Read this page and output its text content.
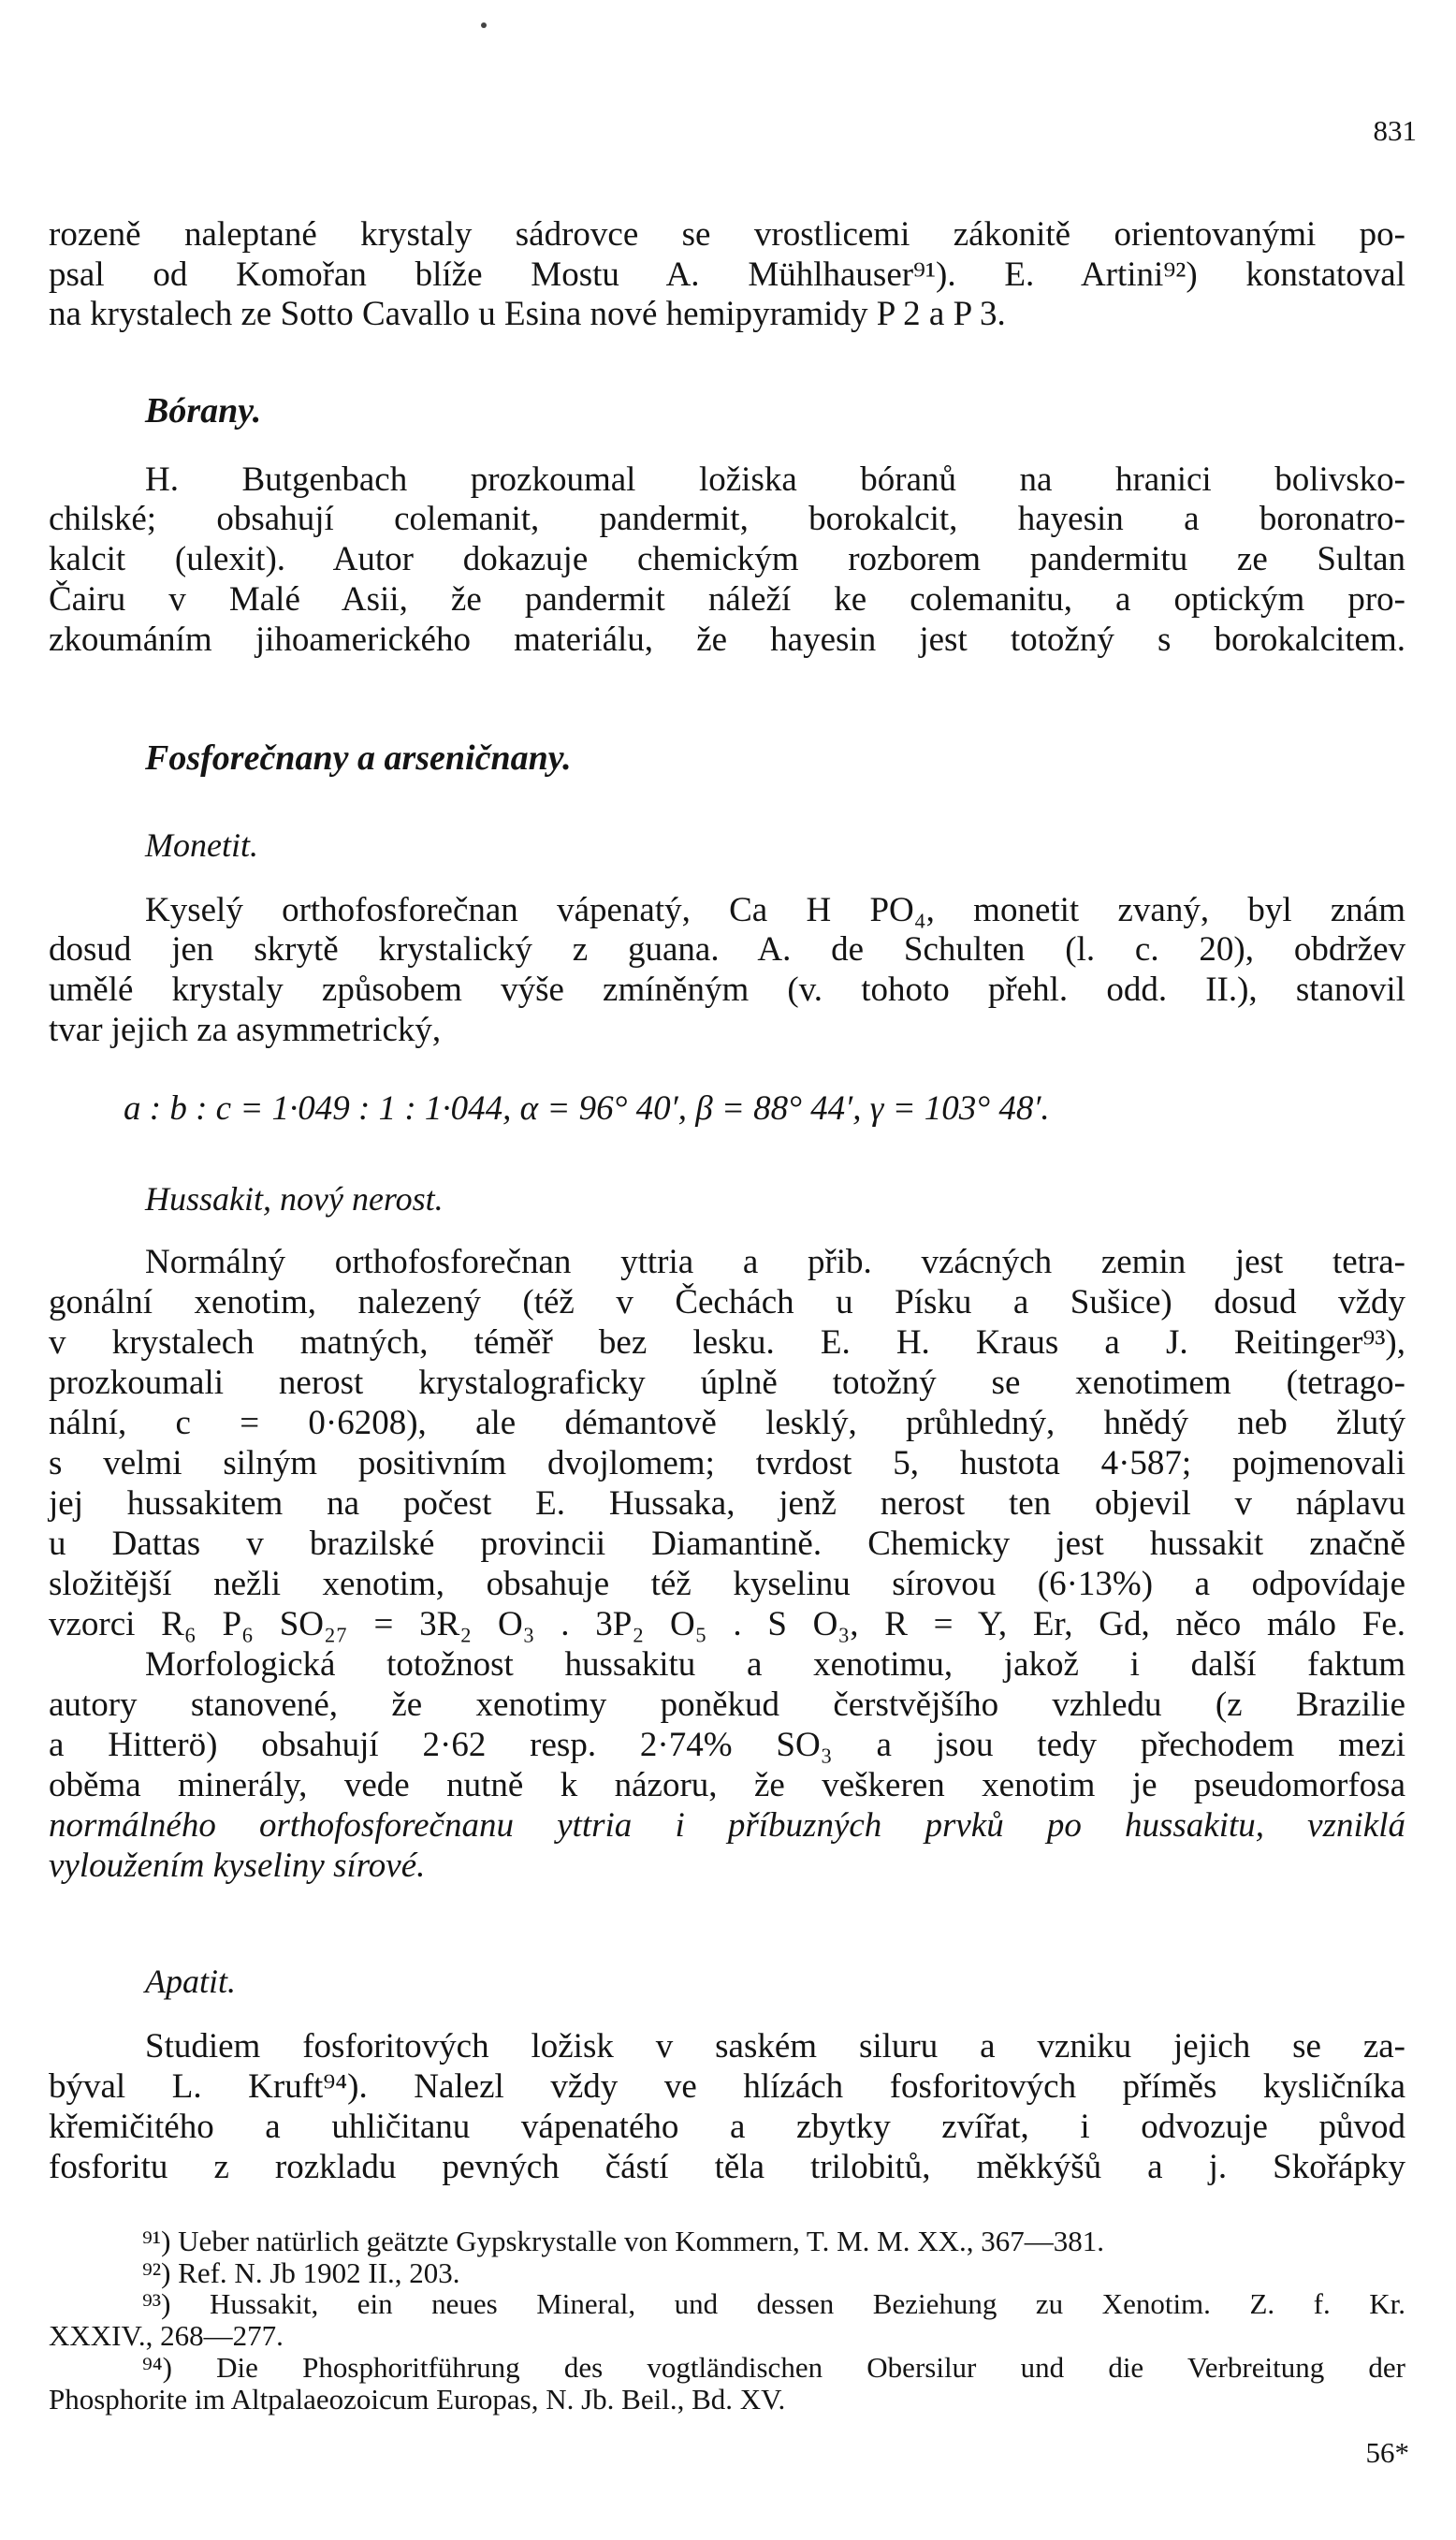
831
rozeně naleptané krystaly sádrovce se vrostlicemi zákonitě orientovanými po-
psal od Komořan blíže Mostu A. Mühlhauser⁹¹). E. Artini⁹²) konstatoval
na krystalech ze Sotto Cavallo u Esina nové hemipyramidy P 2 a P 3.
Bórany.
H. Butgenbach prozkoumal ložiska bóranů na hranici bolivsko-
chilské; obsahují colemanit, pandermit, borokalcit, hayesin a boronatro-
kalcit (ulexit). Autor dokazuje chemickým rozborem pandermitu ze Sultan
Čairu v Malé Asii, že pandermit náleží ke colemanitu, a optickým pro-
zkoumáním jihoamerického materiálu, že hayesin jest totožný s borokalcitem.
Fosforečnany a arseničnany.
Monetit.
Kyselý orthofosforečnan vápenatý, Ca H PO₄, monetit zvaný, byl znám
dosud jen skrytě krystalický z guana. A. de Schulten (l. c. 20), obdržev
umělé krystaly způsobem výše zmíněným (v. tohoto přehl. odd. II.), stanovil
tvar jejich za asymmetrický,
a : b : c = 1·049 : 1 : 1·044, α = 96° 40′, β = 88° 44′, γ = 103° 48′.
Hussakit, nový nerost.
Normálný orthofosforečnan yttria a přib. vzácných zemin jest tetra-
gonální xenotim, nalezený (též v Čechách u Písku a Sušice) dosud vždy
v krystalech matných, téměř bez lesku. E. H. Kraus a J. Reitinger⁹³),
prozkoumali nerost krystalograficky úplně totožný se xenotimem (tetrago-
nální, c = 0·6208), ale démantově lesklý, průhledný, hnědý neb žlutý
s velmi silným positivním dvojlomem; tvrdost 5, hustota 4·587; pojmenovali
jej hussakitem na počest E. Hussaka, jenž nerost ten objevil v náplavu
u Dattas v brazilské provincii Diamantině. Chemicky jest hussakit značně
složitější nežli xenotim, obsahuje též kyselinu sírovou (6·13%) a odpovídaje
vzorci R₆ P₆ SO₂₇ = 3R₂ O₃ . 3P₂ O₅ . S O₃, R = Y, Er, Gd, něco málo Fe.
Morfologická totožnost hussakitu a xenotimu, jakož i další faktum
autory stanovené, že xenotimy poněkud čerstvějšího vzhledu (z Brazilie
a Hitterö) obsahují 2·62 resp. 2·74% SO₃ a jsou tedy přechodem mezi
oběma minerály, vede nutně k názoru, že veškeren xenotim je pseudomorfosa
normálného orthofosforečnanu yttria i příbuzných prvků po hussakitu, vzniklá
vyloužením kyseliny sírové.
Apatit.
Studiem fosforitových ložisk v saském siluru a vzniku jejich se za-
býval L. Kruft⁹⁴). Nalezl vždy ve hlízách fosforitových příměs kysličníka
křemičitého a uhličitanu vápenatého a zbytky zvířat, i odvozuje původ
fosforitu z rozkladu pevných částí těla trilobitů, měkkýšů a j. Skořápky
⁹¹) Ueber natürlich geätzte Gypskrystalle von Kommern, T. M. M. XX., 367—381.
⁹²) Ref. N. Jb 1902 II., 203.
⁹³) Hussakit, ein neues Mineral, und dessen Beziehung zu Xenotim. Z. f. Kr.
XXXIV., 268—277.
⁹⁴) Die Phosphoritführung des vogtländischen Obersilur und die Verbreitung der
Phosphorite im Altpalaeozoicum Europas, N. Jb. Beil., Bd. XV.
56*
